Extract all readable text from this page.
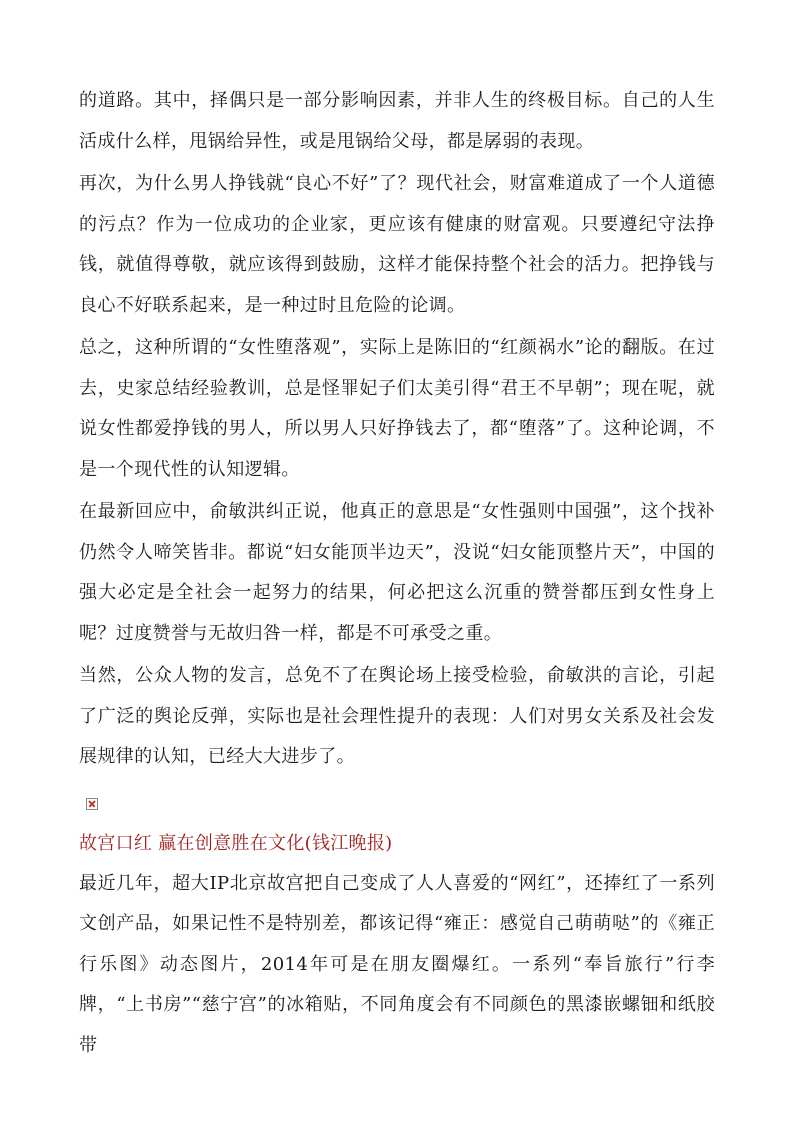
的道路。其中，择偶只是一部分影响因素，并非人生的终极目标。自己的人生活成什么样，甩锅给异性，或是甩锅给父母，都是孱弱的表现。

再次，为什么男人挣钱就“良心不好”了？现代社会，财富难道成了一个人道德的污点？作为一位成功的企业家，更应该有健康的财富观。只要遵纪守法挣钱，就值得尊敬，就应该得到鼓励，这样才能保持整个社会的活力。把挣钱与良心不好联系起来，是一种过时且危险的论调。

总之，这种所谓的“女性堕落观”，实际上是陈旧的“红颜祸水”论的翻版。在过去，史家总结经验教训，总是怪罪妃子们太美引得“君王不早朝”；现在呢，就说女性都爱挣钱的男人，所以男人只好挣钱去了，都“堕落”了。这种论调，不是一个现代性的认知逻辑。

在最新回应中，俞敏洪纠正说，他真正的意思是“女性强则中国强”，这个找补仍然令人啼笑皆非。都说“妇女能顶半边天”，没说“妇女能顶整片天”，中国的强大必定是全社会一起努力的结果，何必把这么沉重的赞誉都压到女性身上呢？过度赞誉与无故归咎一样，都是不可承受之重。

当然，公众人物的发言，总免不了在舆论场上接受检验，俞敏洪的言论，引起了广泛的舆论反弹，实际也是社会理性提升的表现：人们对男女关系及社会发展规律的认知，已经大大进步了。

故宫口红 赢在创意胜在文化(钱江晚报)

最近几年，超大IP北京故宫把自己变成了人人喜爱的“网红”，还捧红了一系列文创产品，如果记性不是特别差，都该记得“雍正：感觉自己萌萌哒”的《雍正行乐图》动态图片，2014年可是在朋友圈爆红。一系列“奉旨旅行”行李牌，“上书房”“慈宁宫”的冰箱贴，不同角度会有不同颜色的黑漆嵌螺钿和纸胶带
